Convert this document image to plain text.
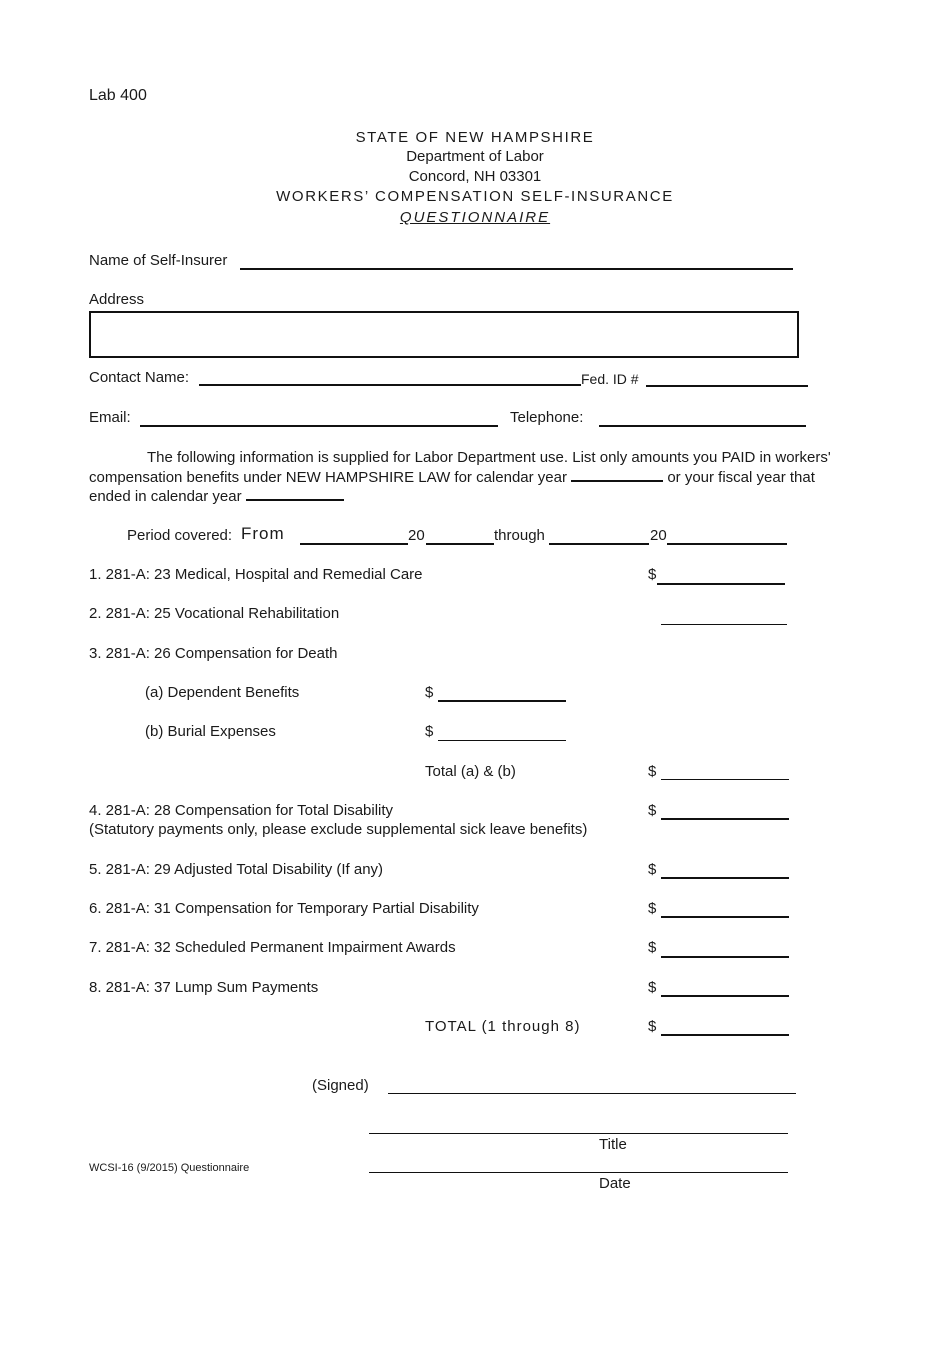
Lab 400
STATE OF NEW HAMPSHIRE
Department of Labor
Concord, NH 03301
WORKERS’ COMPENSATION SELF-INSURANCE
QUESTIONNAIRE
Name of Self-Insurer
Address
Contact Name:	Fed. ID #
Email:	Telephone:
The following information is supplied for Labor Department use. List only amounts you PAID in workers' compensation benefits under NEW HAMPSHIRE LAW for calendar year	or your fiscal year that ended in calendar year
Period covered: From	20	through	20
1. 281-A: 23 Medical, Hospital and Remedial Care	$
2. 281-A: 25 Vocational Rehabilitation
3. 281-A: 26 Compensation for Death
(a) Dependent Benefits	$
(b) Burial Expenses	$
Total (a) & (b)	$
4. 281-A: 28 Compensation for Total Disability
(Statutory payments only, please exclude supplemental sick leave benefits)
$
5. 281-A: 29 Adjusted Total Disability (If any)	$
6. 281-A: 31 Compensation for Temporary Partial Disability	$
7. 281-A: 32 Scheduled Permanent Impairment Awards	$
8. 281-A: 37 Lump Sum Payments	$
TOTAL (1 through 8)	$
(Signed)
Title
WCSI-16 (9/2015) Questionnaire
Date
